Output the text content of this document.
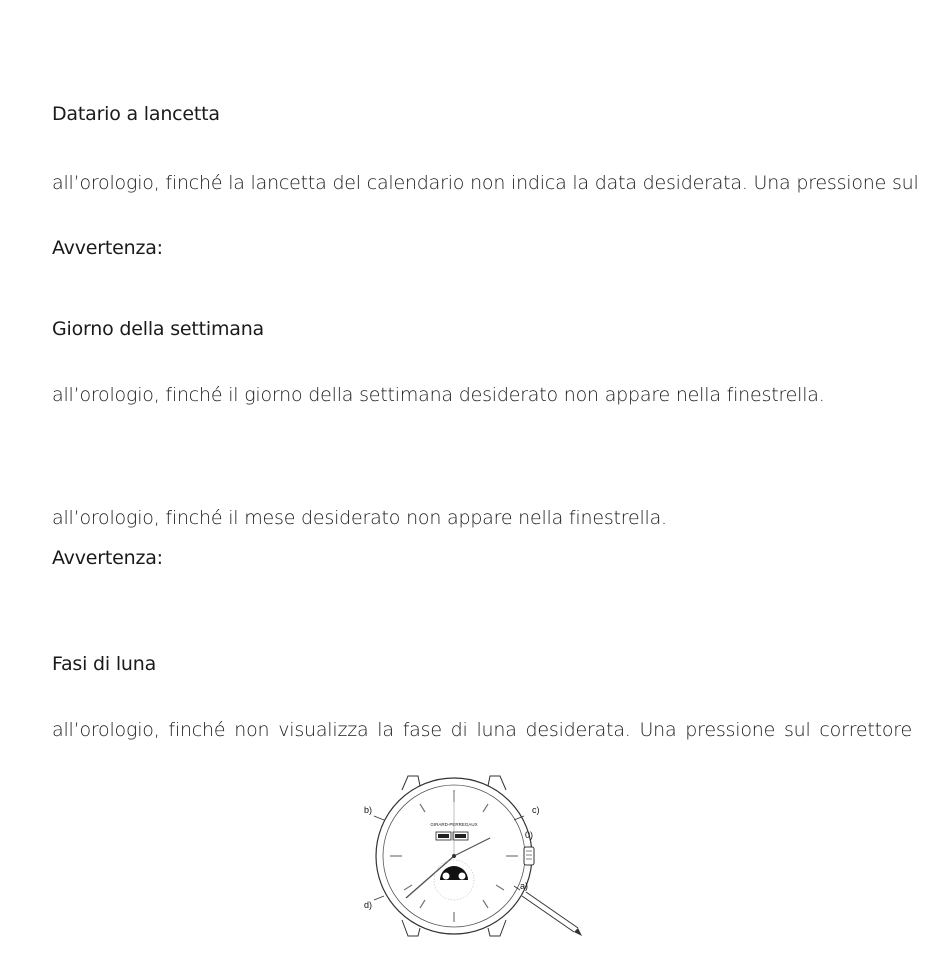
Datario a lancetta
all’orologio, finché la lancetta del calendario non indica la data desiderata. Una pressione sul
Avvertenza:
Giorno della settimana
all’orologio, finché il giorno della settimana desiderato non appare nella finestrella.
all’orologio, finché il mese desiderato non appare nella finestrella.
Avvertenza:
Fasi di luna
all’orologio, finché non visualizza la fase di luna desiderata. Una pressione sul correttore
GIRARD-PERREGAUX
b)	c)
0)
a)
d)
